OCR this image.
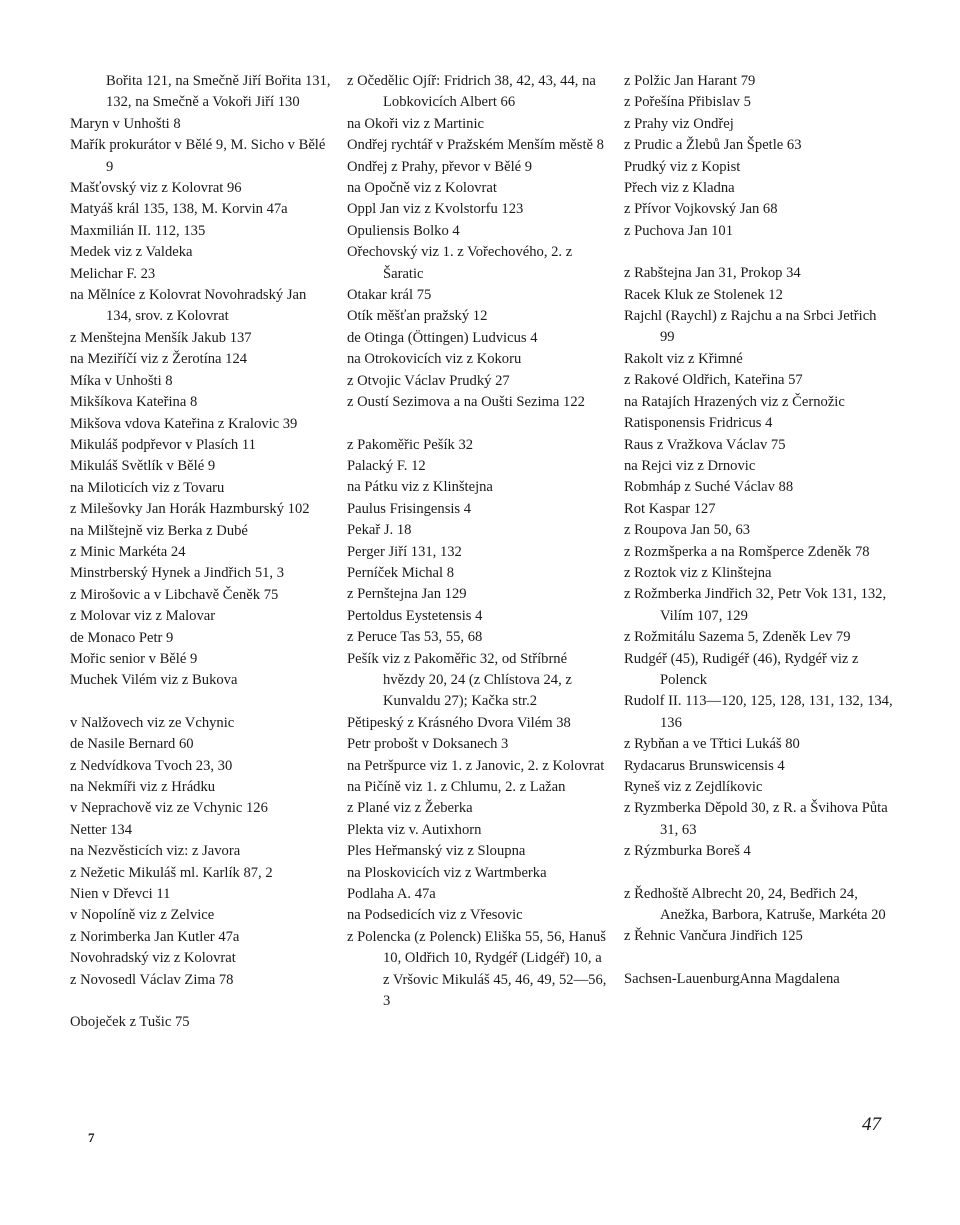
Bořita 121, na Smečně Jiří Bořita 131, 132, na Smečně a Vokoři Jiří 130
Maryn v Unhošti 8
Mařík prokurátor v Bělé 9, M. Sicho v Bělé 9
Mašťovský viz z Kolovrat 96
Matyáš král 135, 138, M. Korvin 47a
Maxmilián II. 112, 135
Medek viz z Valdeka
Melichar F. 23
na Mělníce z Kolovrat Novohradský Jan 134, srov. z Kolovrat
z Menštejna Menšík Jakub 137
na Meziříčí viz z Žerotína 124
Míka v Unhošti 8
Mikšíkova Kateřina 8
Mikšova vdova Kateřina z Kralovic 39
Mikuláš podpřevor v Plasích 11
Mikuláš Světlík v Bělé 9
na Miloticích viz z Tovaru
z Milešovky Jan Horák Hazmburský 102
na Milštejně viz Berka z Dubé
z Minic Markéta 24
Minstrberský Hynek a Jindřich 51, 3
z Mirošovic a v Libchavě Čeněk 75
z Molovar viz z Malovar
de Monaco Petr 9
Mořic senior v Bělé 9
Muchek Vilém viz z Bukova
v Nalžovech viz ze Vchynic
de Nasile Bernard 60
z Nedvídkova Tvoch 23, 30
na Nekmíři viz z Hrádku
v Neprachově viz ze Vchynic 126
Netter 134
na Nezvěsticích viz: z Javora
z Nežetic Mikuláš ml. Karlík 87, 2
Nien v Dřevci 11
v Nopolíně viz z Zelvice
z Norimberka Jan Kutler 47a
Novohradský viz z Kolovrat
z Novosedl Václav Zima 78
Oboječek z Tušic 75
z Očedělic Ojíř: Fridrich 38, 42, 43, 44, na Lobkovicích Albert 66
na Okoři viz z Martinic
Ondřej rychtář v Pražském Menším městě 8
Ondřej z Prahy, převor v Bělé 9
na Opočně viz z Kolovrat
Oppl Jan viz z Kvolstorfu 123
Opuliensis Bolko 4
Ořechovský viz 1. z Vořechového, 2. z Šaratic
Otakar král 75
Otík měšťan pražský 12
de Otinga (Öttingen) Ludvicus 4
na Otrokovicích viz z Kokoru
z Otvojic Václav Prudký 27
z Oustí Sezimova a na Oušti Sezima 122
z Pakoměřic Pešík 32
Palacký F. 12
na Pátku viz z Klinštejna
Paulus Frisingensis 4
Pekař J. 18
Perger Jiří 131, 132
Perníček Michal 8
z Pernštejna Jan 129
Pertoldus Eystetensis 4
z Peruce Tas 53, 55, 68
Pešík viz z Pakoměřic 32, od Stříbrné hvězdy 20, 24 (z Chlístova 24, z Kunvaldu 27); Kačka str.2
Pětipeský z Krásného Dvora Vilém 38
Petr probošt v Doksanech 3
na Petršpurce viz 1. z Janovic, 2. z Kolovrat
na Pičíně viz 1. z Chlumu, 2. z Lažan
z Plané viz z Žeberka
Plekta viz v. Autixhorn
Ples Heřmanský viz z Sloupna
na Ploskovicích viz z Wartmberka
Podlaha A. 47a
na Podsedicích viz z Vřesovic
z Polencka (z Polenck) Eliška 55, 56, Hanuš 10, Oldřich 10, Rydgéř (Lidgéř) 10, a z Vršovic Mikuláš 45, 46, 49, 52—56, 3
z Polžic Jan Harant 79
z Pořešína Přibislav 5
z Prahy viz Ondřej
z Prudic a Žlebů Jan Špetle 63
Prudký viz z Kopist
Přech viz z Kladna
z Přívor Vojkovský Jan 68
z Puchova Jan 101
z Rabštejna Jan 31, Prokop 34
Racek Kluk ze Stolenek 12
Rajchl (Raychl) z Rajchu a na Srbci Jetřich 99
Rakolt viz z Křimné
z Rakové Oldřich, Kateřina 57
na Ratajích Hrazených viz z Černožic
Ratisponensis Fridricus 4
Raus z Vražkova Václav 75
na Rejci viz z Drnovic
Robmháp z Suché Václav 88
Rot Kaspar 127
z Roupova Jan 50, 63
z Rozmšperka a na Romšperce Zdeněk 78
z Roztok viz z Klinštejna
z Rožmberka Jindřich 32, Petr Vok 131, 132, Vilím 107, 129
z Rožmitálu Sazema 5, Zdeněk Lev 79
Rudgéř (45), Rudigéř (46), Rydgéř viz z Polenck
Rudolf II. 113—120, 125, 128, 131, 132, 134, 136
z Rybňan a ve Třtici Lukáš 80
Rydacarus Brunswicensis 4
Ryneš viz z Zejdlíkovic
z Ryzmberka Děpold 30, z R. a Švihova Půta 31, 63
z Rýzmburka Boreš 4
z Ředhoště Albrecht 20, 24, Bedřich 24, Anežka, Barbora, Katruše, Markéta 20
z Řehnic Vančura Jindřich 125
Sachsen-LauenburgAnna Magdalena
7
47
